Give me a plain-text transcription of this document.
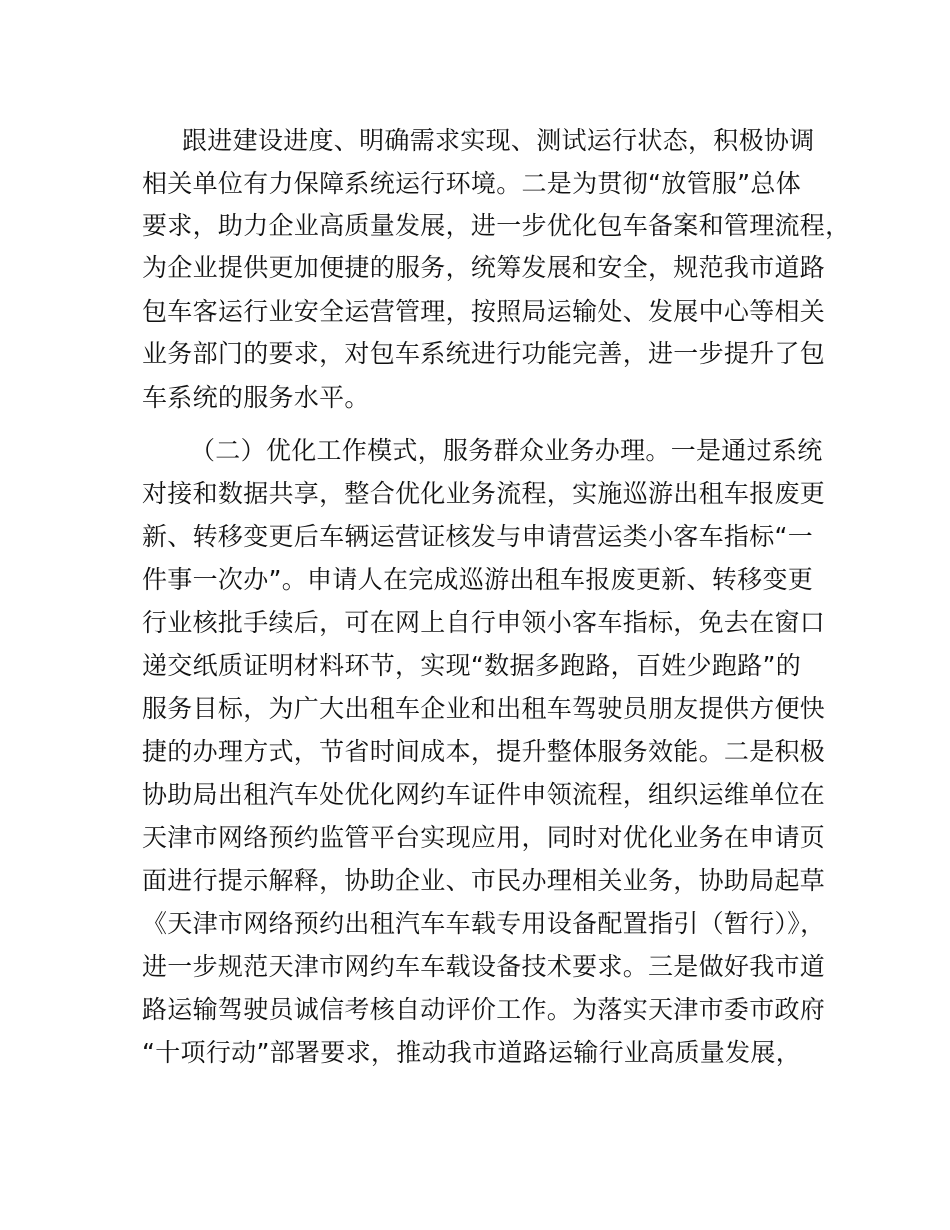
跟进建设进度、明确需求实现、测试运行状态，积极协调
相关单位有力保障系统运行环境。二是为贯彻“放管服”总体
要求，助力企业高质量发展，进一步优化包车备案和管理流程，
为企业提供更加便捷的服务，统筹发展和安全，规范我市道路
包车客运行业安全运营管理，按照局运输处、发展中心等相关
业务部门的要求，对包车系统进行功能完善，进一步提升了包
车系统的服务水平。
（二）优化工作模式，服务群众业务办理。一是通过系统
对接和数据共享，整合优化业务流程，实施巡游出租车报废更
新、转移变更后车辆运营证核发与申请营运类小客车指标“一
件事一次办”。申请人在完成巡游出租车报废更新、转移变更
行业核批手续后，可在网上自行申领小客车指标，免去在窗口
递交纸质证明材料环节，实现“数据多跑路，百姓少跑路”的
服务目标，为广大出租车企业和出租车驾驶员朋友提供方便快
捷的办理方式，节省时间成本，提升整体服务效能。二是积极
协助局出租汽车处优化网约车证件申领流程，组织运维单位在
天津市网络预约监管平台实现应用，同时对优化业务在申请页
面进行提示解释，协助企业、市民办理相关业务，协助局起草
《天津市网络预约出租汽车车载专用设备配置指引（暂行）》，
进一步规范天津市网约车车载设备技术要求。三是做好我市道
路运输驾驶员诚信考核自动评价工作。为落实天津市委市政府
“十项行动”部署要求，推动我市道路运输行业高质量发展，
